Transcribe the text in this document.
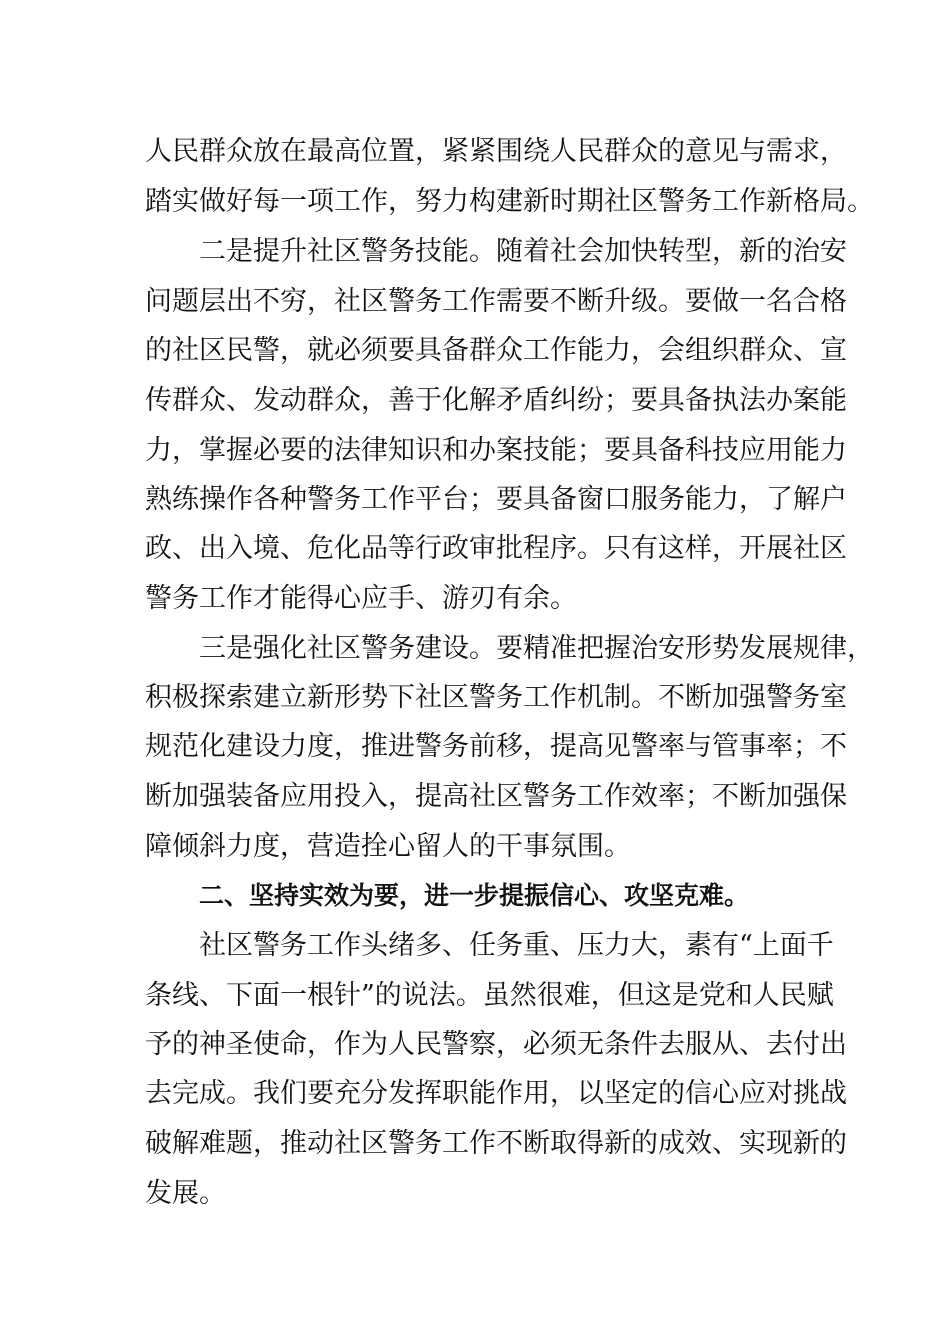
人民群众放在最高位置，紧紧围绕人民群众的意见与需求，
踏实做好每一项工作，努力构建新时期社区警务工作新格局。
二是提升社区警务技能。随着社会加快转型，新的治安
问题层出不穷，社区警务工作需要不断升级。要做一名合格
的社区民警，就必须要具备群众工作能力，会组织群众、宣
传群众、发动群众，善于化解矛盾纠纷；要具备执法办案能
力，掌握必要的法律知识和办案技能；要具备科技应用能力
熟练操作各种警务工作平台；要具备窗口服务能力，了解户
政、出入境、危化品等行政审批程序。只有这样，开展社区
警务工作才能得心应手、游刃有余。
三是强化社区警务建设。要精准把握治安形势发展规律，
积极探索建立新形势下社区警务工作机制。不断加强警务室
规范化建设力度，推进警务前移，提高见警率与管事率；不
断加强装备应用投入，提高社区警务工作效率；不断加强保
障倾斜力度，营造拴心留人的干事氛围。
二、坚持实效为要，进一步提振信心、攻坚克难。
社区警务工作头绪多、任务重、压力大，素有“上面千
条线、下面一根针”的说法。虽然很难，但这是党和人民赋
予的神圣使命，作为人民警察，必须无条件去服从、去付出
去完成。我们要充分发挥职能作用，以坚定的信心应对挑战
破解难题，推动社区警务工作不断取得新的成效、实现新的
发展。
